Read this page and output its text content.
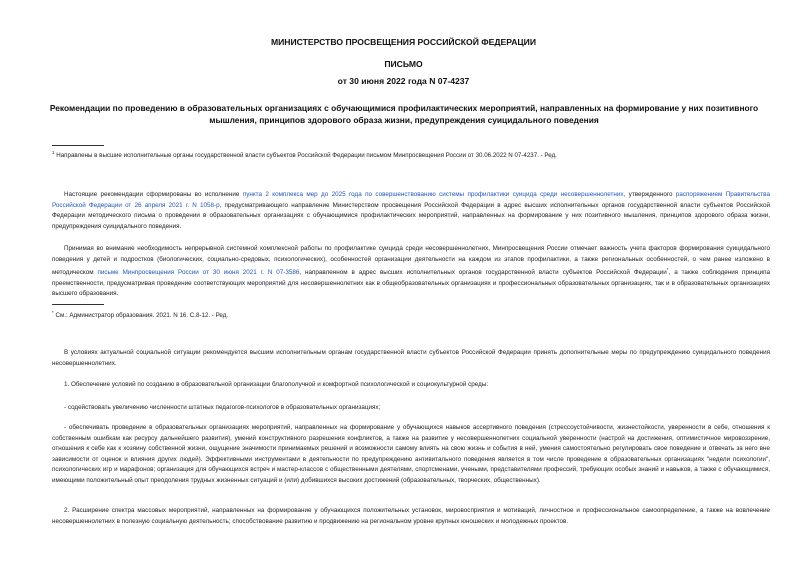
МИНИСТЕРСТВО ПРОСВЕЩЕНИЯ РОССИЙСКОЙ ФЕДЕРАЦИИ
ПИСЬМО
от 30 июня 2022 года N 07-4237
Рекомендации по проведению в образовательных организациях с обучающимися профилактических мероприятий, направленных на формирование у них позитивного мышления, принципов здорового образа жизни, предупреждения суицидального поведения
$^1$ Направлены в высшие исполнительные органы государственной власти субъектов Российской Федерации письмом Минпросвещения России от 30.06.2022 N 07-4237. - Ред.
Настоящие рекомендации сформированы во исполнение пункта 2 комплекса мер до 2025 года по совершенствованию системы профилактики суицида среди несовершеннолетних, утвержденного распоряжением Правительства Российской Федерации от 26 апреля 2021 г. N 1058-р, предусматривающего направление Министерством просвещения Российской Федерации в адрес высших исполнительных органов государственной власти субъектов Российской Федерации методического письма о проведении в образовательных организациях с обучающимися профилактических мероприятий, направленных на формирование у них позитивного мышления, принципов здорового образа жизни, предупреждения суицидального поведения.
Принимая во внимание необходимость непрерывной системной комплексной работы по профилактике суицида среди несовершеннолетних, Минпросвещения России отмечает важность учета факторов формирования суицидального поведения у детей и подростков (биологических, социально-средовых, психологических), особенностей организации деятельности на каждом из этапов профилактики, а также региональных особенностей, о чем ранее изложено в методическом письме Минпросвещения России от 30 июня 2021 г. N 07-3586, направленном в адрес высших исполнительных органов государственной власти субъектов Российской Федерации*, а также соблюдения принципа преемственности, предусматривая проведение соответствующих мероприятий для несовершеннолетних как в общеобразовательных организациях и профессиональных образовательных организациях, так и в образовательных организациях высшего образования.
* См.: Администратор образования. 2021. N 16. С.8-12. - Ред.
В условиях актуальной социальной ситуации рекомендуется высшим исполнительным органам государственной власти субъектов Российской Федерации принять дополнительные меры по предупреждению суицидального поведения несовершеннолетних.
1. Обеспечение условий по созданию в образовательной организации благополучной и комфортной психологической и социокультурной среды:
- содействовать увеличению численности штатных педагогов-психологов в образовательных организациях;
- обеспечивать проведение в образовательных организациях мероприятий, направленных на формирование у обучающихся навыков ассертивного поведения (стрессоустойчивости, жизнестойкости, уверенности в себе, отношения к собственным ошибкам как ресурсу дальнейшего развития), умений конструктивного разрешения конфликтов, а также на развитие у несовершеннолетних социальной уверенности (настрой на достижения, оптимистичное мировоззрение, отношения к себе как к хозяину собственной жизни, ощущение значимости принимаемых решений и возможности самому влиять на свою жизнь и события в ней, умения самостоятельно регулировать свое поведение и отвечать за него вне зависимости от оценок и влияния других людей). Эффективными инструментами в деятельности по предупреждению антивитального поведения является в том числе проведение в образовательных организациях "недели психологии", психологических игр и марафонов; организация для обучающихся встреч и мастер-классов с общественными деятелями, спортсменами, учеными, представителями профессий, требующих особых знаний и навыков, а также с обучающимися, имеющими положительный опыт преодоления трудных жизненных ситуаций и (или) добившихся высоких достижений (образовательных, творческих, общественных).
2. Расширение спектра массовых мероприятий, направленных на формирование у обучающихся положительных установок, мировосприятия и мотиваций, личностное и профессиональное самоопределение, а также на вовлечение несовершеннолетних в полезную социальную деятельность; способствование развитию и продвижению на региональном уровне крупных юношеских и молодежных проектов.
